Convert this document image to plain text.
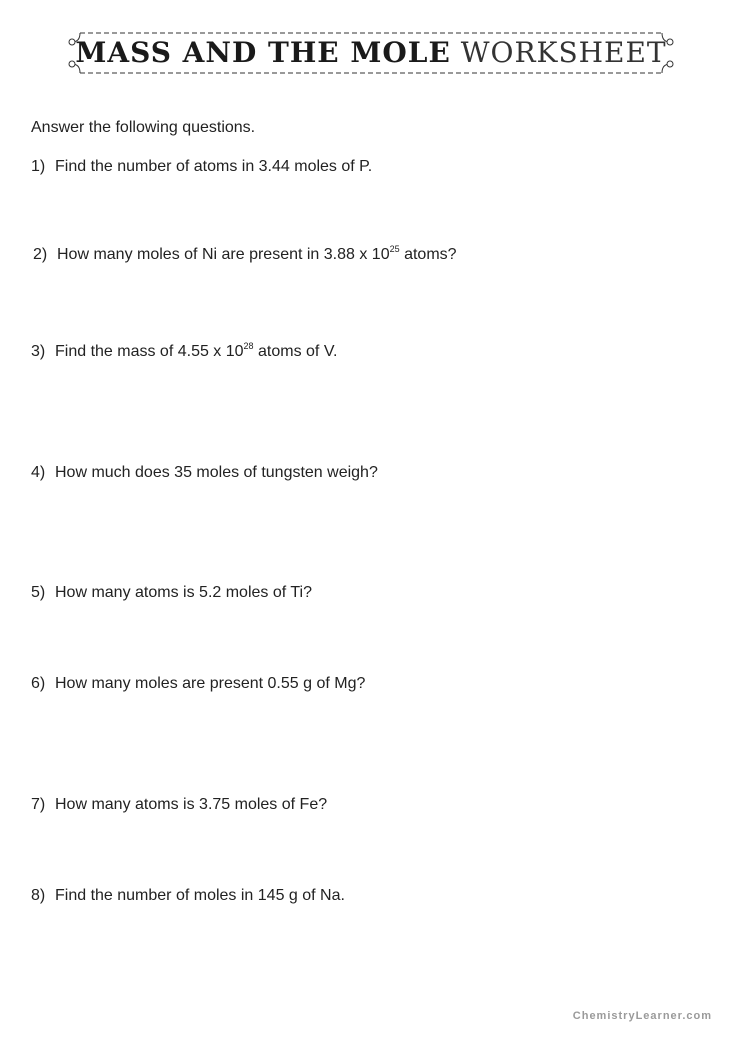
MASS AND THE MOLE WORKSHEET
Answer the following questions.
1) Find the number of atoms in 3.44 moles of P.
2) How many moles of Ni are present in 3.88 x $10^{25}$ atoms?
3) Find the mass of 4.55 x $10^{28}$ atoms of V.
4) How much does 35 moles of tungsten weigh?
5) How many atoms is 5.2 moles of Ti?
6) How many moles are present 0.55 g of Mg?
7) How many atoms is 3.75 moles of Fe?
8) Find the number of moles in 145 g of Na.
ChemistryLearner.com
